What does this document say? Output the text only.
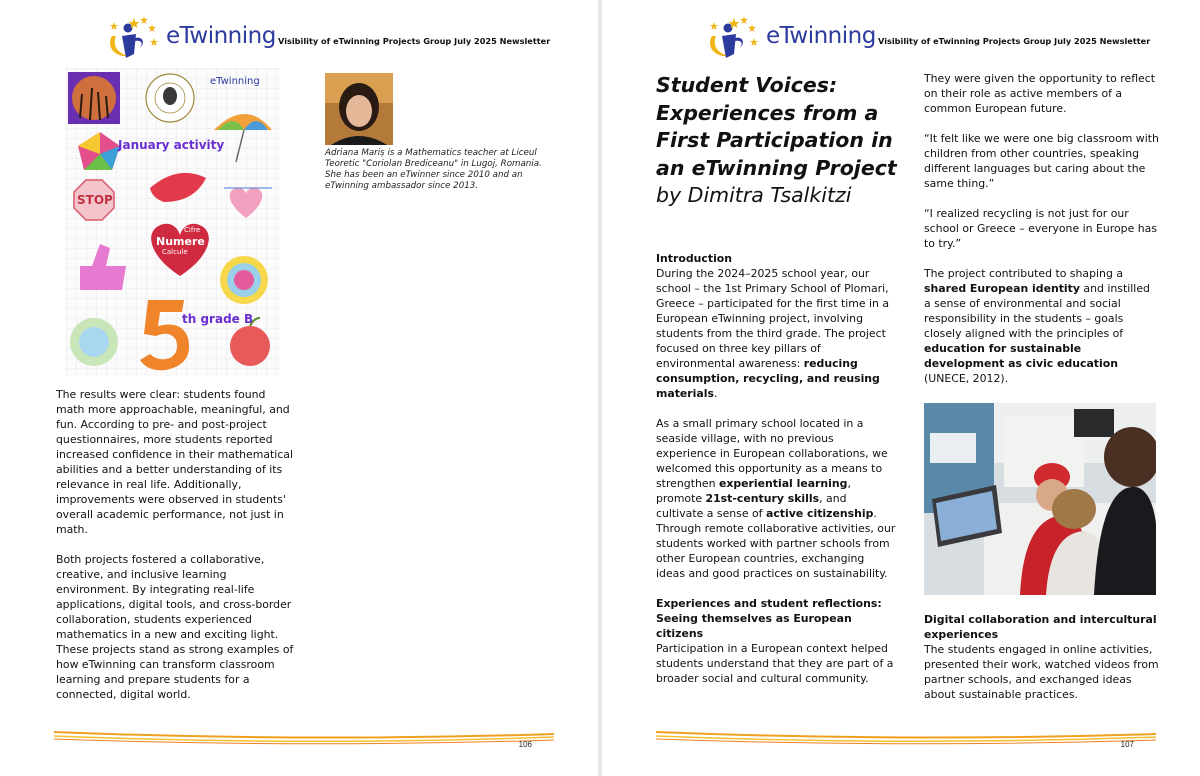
eTwinning Visibility of eTwinning Projects Group July 2025 Newsletter
January activity
th grade B
eTwinning
STOP
Numere
Cifre
Calcule

Adriana Mariș is a Mathematics teacher at Liceul Teoretic "Coriolan Brediceanu" in Lugoj, Romania. She has been an eTwinner since 2010 and an eTwinning ambassador since 2013.

The results were clear: students found math more approachable, meaningful, and fun. According to pre- and post-project questionnaires, more students reported increased confidence in their mathematical abilities and a better understanding of its relevance in real life. Additionally, improvements were observed in students' overall academic performance, not just in math.

Both projects fostered a collaborative, creative, and inclusive learning environment. By integrating real-life applications, digital tools, and cross-border collaboration, students experienced mathematics in a new and exciting light. These projects stand as strong examples of how eTwinning can transform classroom learning and prepare students for a connected, digital world.

106
eTwinning Visibility of eTwinning Projects Group July 2025 Newsletter
Student Voices: Experiences from a First Participation in an eTwinning Project
by Dimitra Tsalkitzi

Introduction
During the 2024–2025 school year, our school – the 1st Primary School of Plomari, Greece – participated for the first time in a European eTwinning project, involving students from the third grade. The project focused on three key pillars of environmental awareness: reducing consumption, recycling, and reusing materials.

As a small primary school located in a seaside village, with no previous experience in European collaborations, we welcomed this opportunity as a means to strengthen experiential learning, promote 21st-century skills, and cultivate a sense of active citizenship. Through remote collaborative activities, our students worked with partner schools from other European countries, exchanging ideas and good practices on sustainability.

Experiences and student reflections: Seeing themselves as European citizens
Participation in a European context helped students understand that they are part of a broader social and cultural community.

They were given the opportunity to reflect on their role as active members of a common European future.

“It felt like we were one big classroom with children from other countries, speaking different languages but caring about the same thing.”

“I realized recycling is not just for our school or Greece – everyone in Europe has to try.”

The project contributed to shaping a shared European identity and instilled a sense of environmental and social responsibility in the students – goals closely aligned with the principles of education for sustainable development as civic education (UNECE, 2012).

Digital collaboration and intercultural experiences
The students engaged in online activities, presented their work, watched videos from partner schools, and exchanged ideas about sustainable practices.

107
